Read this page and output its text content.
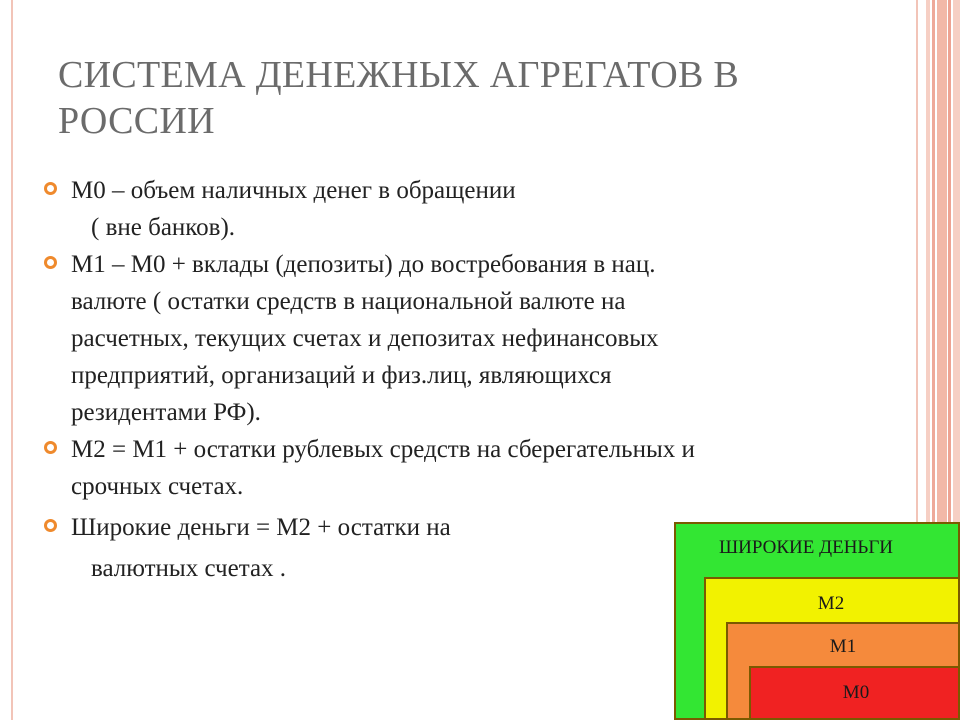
СИСТЕМА ДЕНЕЖНЫХ АГРЕГАТОВ В РОССИИ
М0 – объем наличных денег в обращении
( вне банков).
М1 – М0 + вклады (депозиты) до востребования в нац.
валюте ( остатки средств в национальной валюте на
расчетных, текущих счетах и депозитах нефинансовых
предприятий, организаций и физ.лиц, являющихся
резидентами РФ).
М2 = М1 + остатки рублевых средств на сберегательных и
срочных счетах.
Широкие деньги = М2 + остатки на
валютных счетах .
ШИРОКИЕ ДЕНЬГИ
М2
М1
М0
